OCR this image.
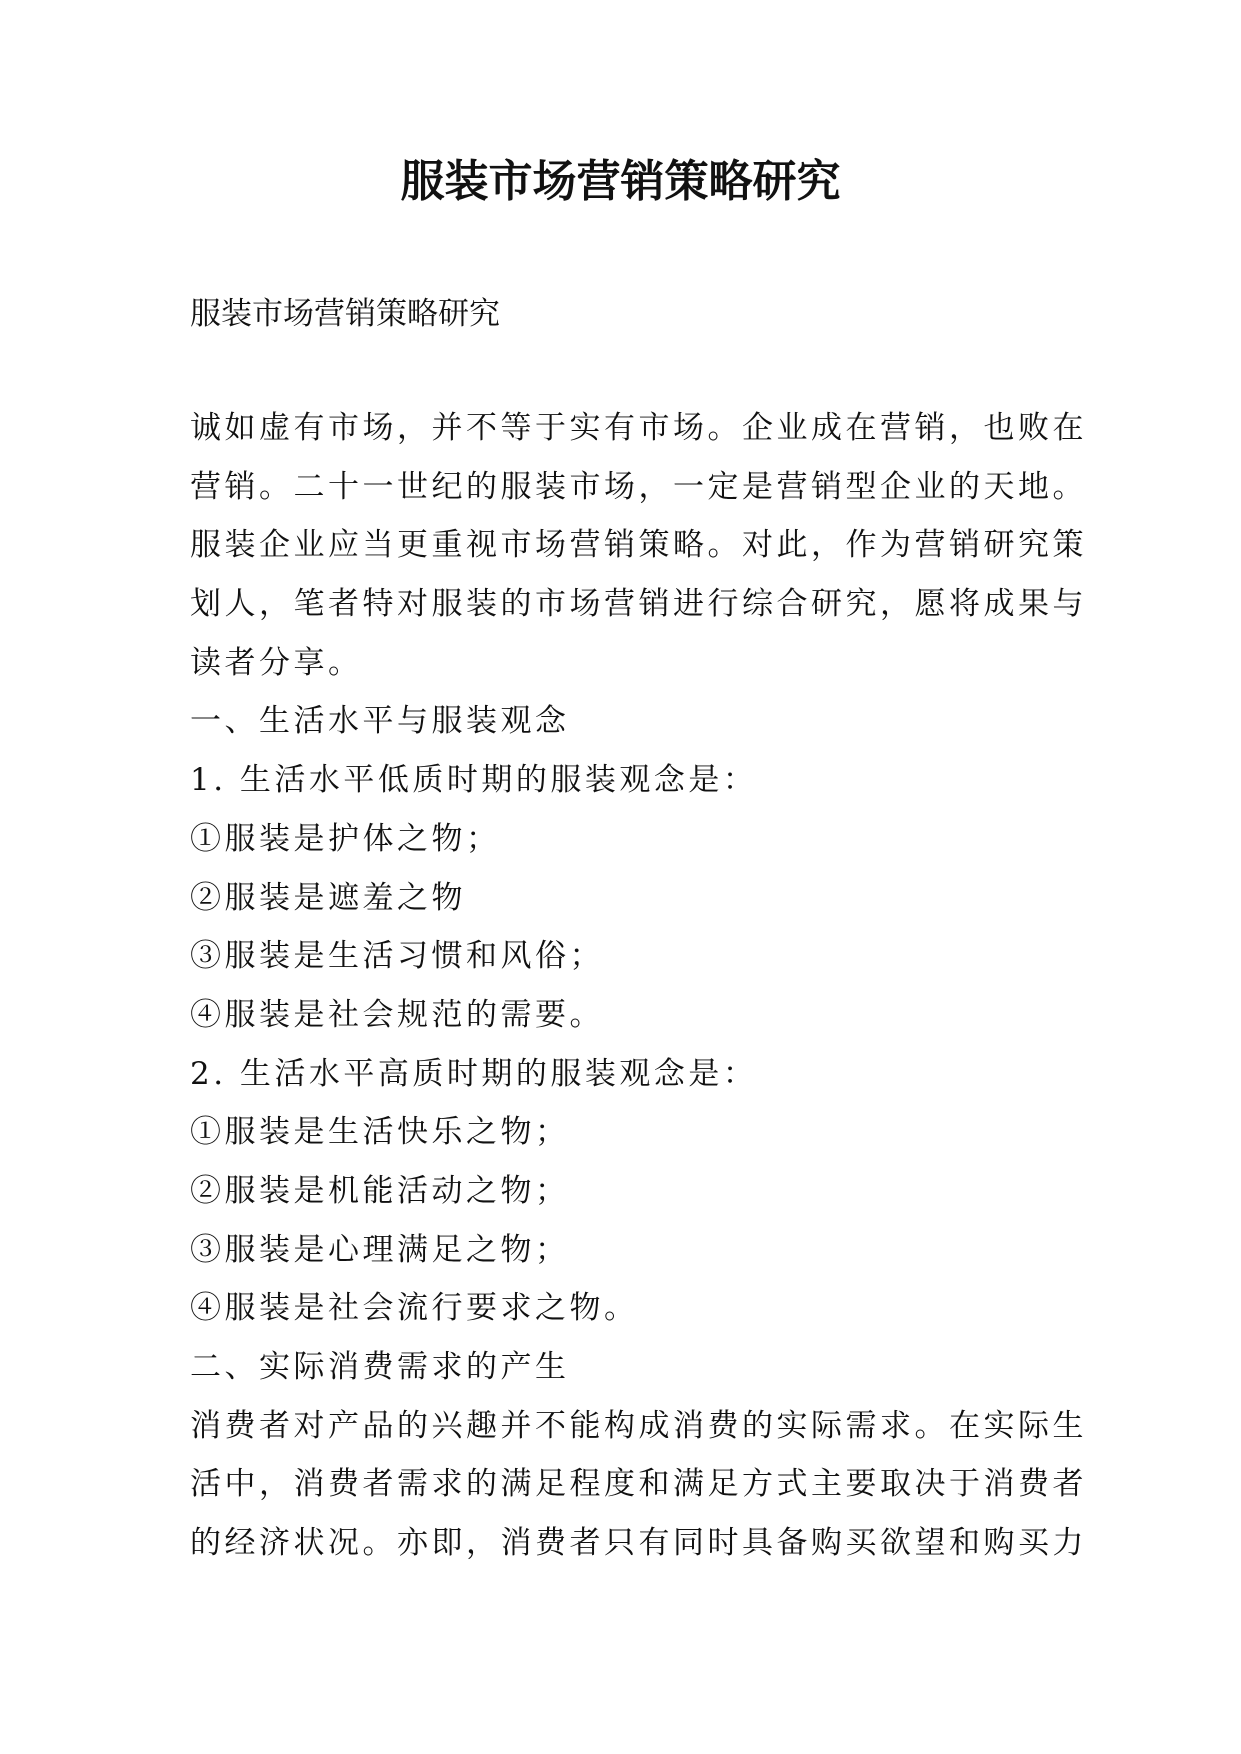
服装市场营销策略研究
服装市场营销策略研究
诚如虚有市场，并不等于实有市场。企业成在营销，也败在
营销。二十一世纪的服装市场，一定是营销型企业的天地。
服装企业应当更重视市场营销策略。对此，作为营销研究策
划人，笔者特对服装的市场营销进行综合研究，愿将成果与
读者分享。
一、生活水平与服装观念
1. 生活水平低质时期的服装观念是：
①服装是护体之物；
②服装是遮羞之物
③服装是生活习惯和风俗；
④服装是社会规范的需要。
2. 生活水平高质时期的服装观念是：
①服装是生活快乐之物；
②服装是机能活动之物；
③服装是心理满足之物；
④服装是社会流行要求之物。
二、实际消费需求的产生
消费者对产品的兴趣并不能构成消费的实际需求。在实际生
活中，消费者需求的满足程度和满足方式主要取决于消费者
的经济状况。亦即，消费者只有同时具备购买欲望和购买力
